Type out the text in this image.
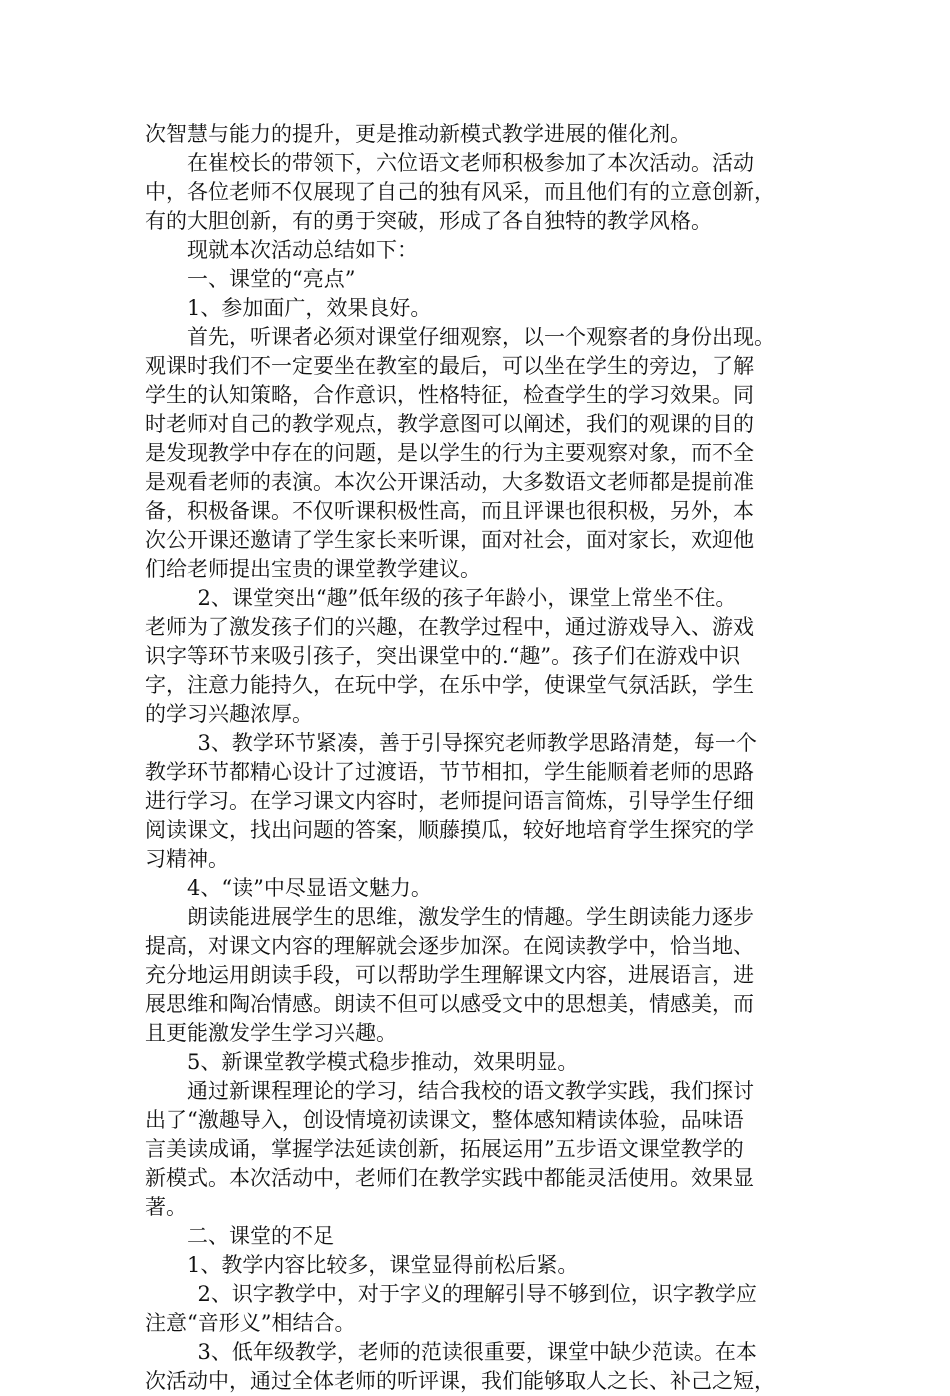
次智慧与能力的提升，更是推动新模式教学进展的催化剂。

在崔校长的带领下，六位语文老师积极参加了本次活动。活动
中，各位老师不仅展现了自己的独有风采，而且他们有的立意创新，
有的大胆创新，有的勇于突破，形成了各自独特的教学风格。

现就本次活动总结如下：

一、课堂的“亮点”

1、参加面广，效果良好。

首先，听课者必须对课堂仔细观察，以一个观察者的身份出现。
观课时我们不一定要坐在教室的最后，可以坐在学生的旁边，了解
学生的认知策略，合作意识，性格特征，检查学生的学习效果。同
时老师对自己的教学观点，教学意图可以阐述，我们的观课的目的
是发现教学中存在的问题，是以学生的行为主要观察对象，而不全
是观看老师的表演。本次公开课活动，大多数语文老师都是提前准
备，积极备课。不仅听课积极性高，而且评课也很积极，另外，本
次公开课还邀请了学生家长来听课，面对社会，面对家长，欢迎他
们给老师提出宝贵的课堂教学建议。

2、课堂突出“趣”低年级的孩子年龄小，课堂上常坐不住。
老师为了激发孩子们的兴趣，在教学过程中，通过游戏导入、游戏
识字等环节来吸引孩子，突出课堂中的.“趣”。孩子们在游戏中识
字，注意力能持久，在玩中学，在乐中学，使课堂气氛活跃，学生
的学习兴趣浓厚。

3、教学环节紧凑，善于引导探究老师教学思路清楚，每一个
教学环节都精心设计了过渡语，节节相扣，学生能顺着老师的思路
进行学习。在学习课文内容时，老师提问语言简炼，引导学生仔细
阅读课文，找出问题的答案，顺藤摸瓜，较好地培育学生探究的学
习精神。

4、“读”中尽显语文魅力。

朗读能进展学生的思维，激发学生的情趣。学生朗读能力逐步
提高，对课文内容的理解就会逐步加深。在阅读教学中，恰当地、
充分地运用朗读手段，可以帮助学生理解课文内容，进展语言，进
展思维和陶冶情感。朗读不但可以感受文中的思想美，情感美，而
且更能激发学生学习兴趣。

5、新课堂教学模式稳步推动，效果明显。

通过新课程理论的学习，结合我校的语文教学实践，我们探讨
出了“激趣导入，创设情境初读课文，整体感知精读体验，品味语
言美读成诵，掌握学法延读创新，拓展运用”五步语文课堂教学的
新模式。本次活动中，老师们在教学实践中都能灵活使用。效果显
著。

二、课堂的不足

1、教学内容比较多，课堂显得前松后紧。

2、识字教学中，对于字义的理解引导不够到位，识字教学应
注意“音形义”相结合。

3、低年级教学，老师的范读很重要，课堂中缺少范读。在本
次活动中，通过全体老师的听评课，我们能够取人之长、补己之短，
